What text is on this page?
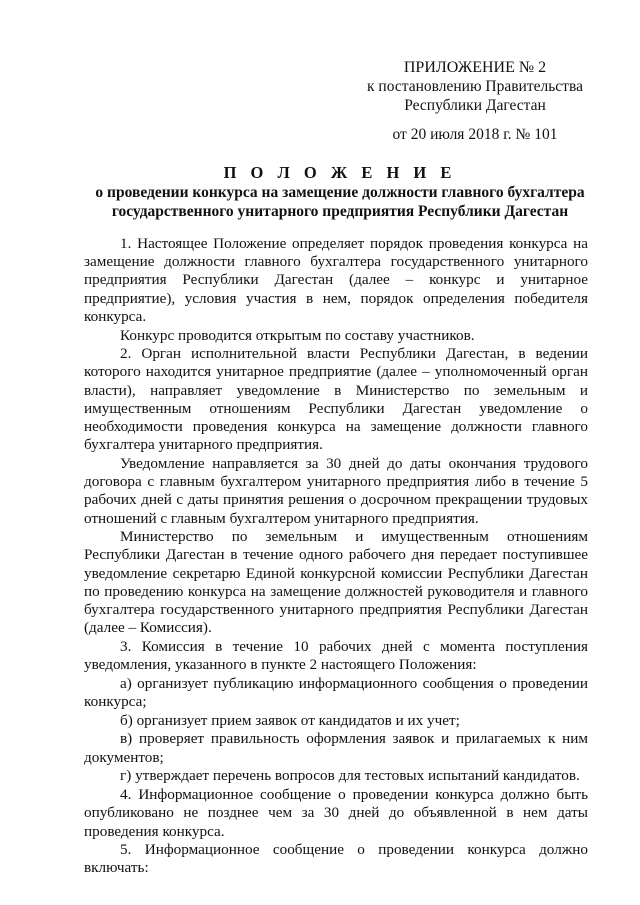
ПРИЛОЖЕНИЕ № 2
к постановлению Правительства
Республики Дагестан
от 20 июля 2018 г. № 101
П О Л О Ж Е Н И Е
о проведении конкурса на замещение должности главного бухгалтера
государственного унитарного предприятия Республики Дагестан

1. Настоящее Положение определяет порядок проведения конкурса на замещение должности главного бухгалтера государственного унитарного предприятия Республики Дагестан (далее – конкурс и унитарное предприятие), условия участия в нем, порядок определения победителя конкурса.

Конкурс проводится открытым по составу участников.

2. Орган исполнительной власти Республики Дагестан, в ведении которого находится унитарное предприятие (далее – уполномоченный орган власти), направляет уведомление в Министерство по земельным и имущественным отношениям Республики Дагестан уведомление о необходимости проведения конкурса на замещение должности главного бухгалтера унитарного предприятия.

Уведомление направляется за 30 дней до даты окончания трудового договора с главным бухгалтером унитарного предприятия либо в течение 5 рабочих дней с даты принятия решения о досрочном прекращении трудовых отношений с главным бухгалтером унитарного предприятия.

Министерство по земельным и имущественным отношениям Республики Дагестан в течение одного рабочего дня передает поступившее уведомление секретарю Единой конкурсной комиссии Республики Дагестан по проведению конкурса на замещение должностей руководителя и главного бухгалтера государственного унитарного предприятия Республики Дагестан (далее – Комиссия).

3. Комиссия в течение 10 рабочих дней с момента поступления уведомления, указанного в пункте 2 настоящего Положения:

а) организует публикацию информационного сообщения о проведении конкурса;

б) организует прием заявок от кандидатов и их учет;

в) проверяет правильность оформления заявок и прилагаемых к ним документов;

г) утверждает перечень вопросов для тестовых испытаний кандидатов.

4. Информационное сообщение о проведении конкурса должно быть опубликовано не позднее чем за 30 дней до объявленной в нем даты проведения конкурса.

5. Информационное сообщение о проведении конкурса должно включать:
